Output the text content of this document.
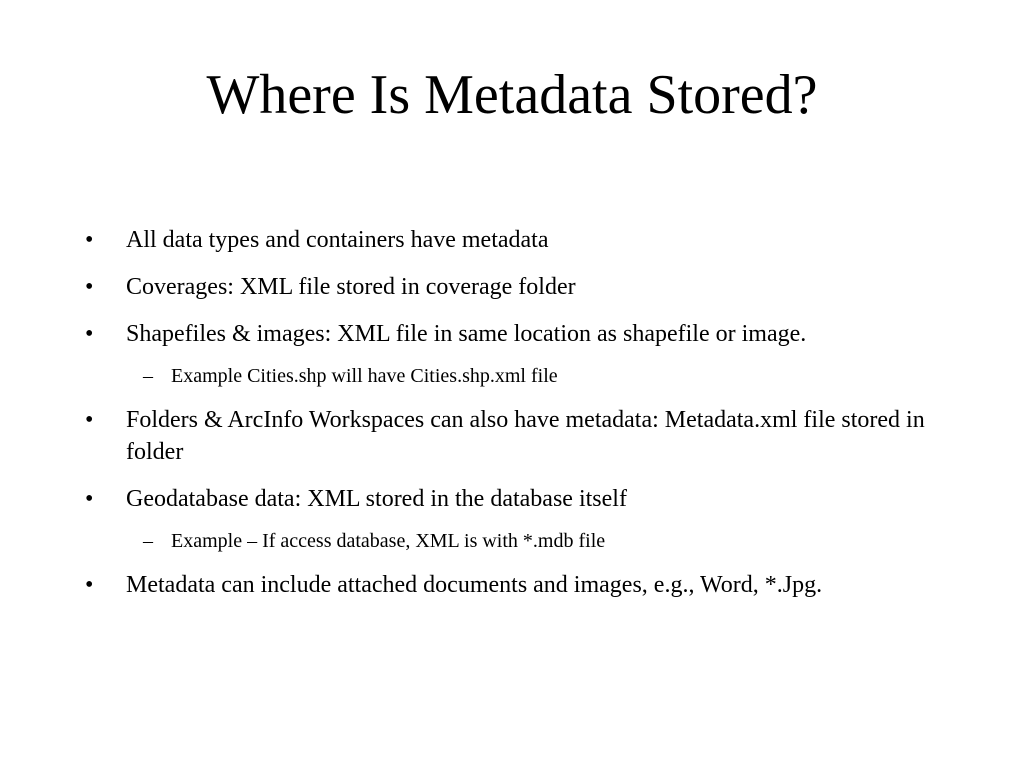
Where Is Metadata Stored?
• All data types and containers have metadata
• Coverages: XML file stored in coverage folder
• Shapefiles & images: XML file in same location as shapefile or image.
– Example Cities.shp will have Cities.shp.xml file
• Folders & ArcInfo Workspaces can also have metadata: Metadata.xml file stored in folder
• Geodatabase data: XML stored in the database itself
– Example – If access database, XML is with *.mdb file
• Metadata can include attached documents and images, e.g., Word, *.Jpg.
